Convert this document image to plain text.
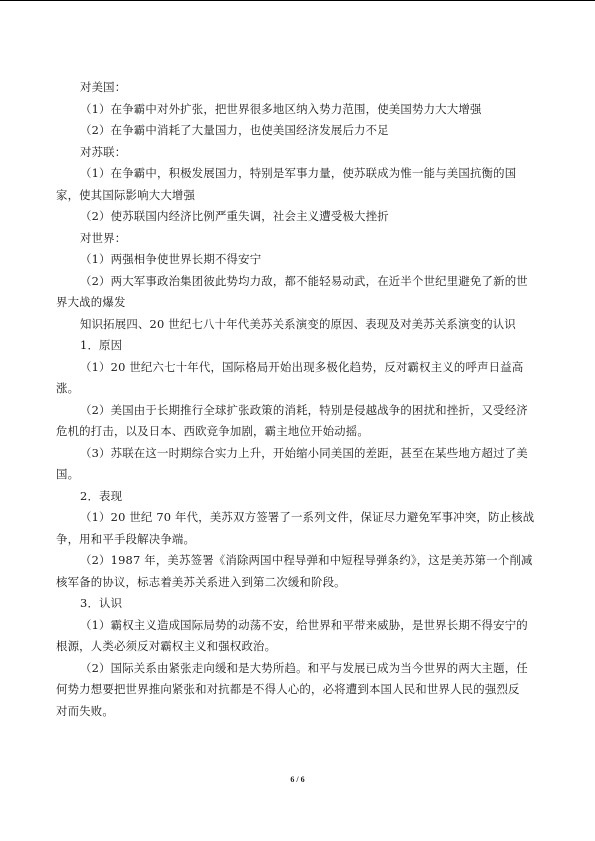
对美国：
（1）在争霸中对外扩张，把世界很多地区纳入势力范围，使美国势力大大增强
（2）在争霸中消耗了大量国力，也使美国经济发展后力不足
对苏联：
（1）在争霸中，积极发展国力，特别是军事力量，使苏联成为惟一能与美国抗衡的国
家，使其国际影响大大增强
（2）使苏联国内经济比例严重失调，社会主义遭受极大挫折
对世界：
（1）两强相争使世界长期不得安宁
（2）两大军事政治集团彼此势均力敌，都不能轻易动武，在近半个世纪里避免了新的世
界大战的爆发
知识拓展四、20 世纪七八十年代美苏关系演变的原因、表现及对美苏关系演变的认识
1．原因
（1）20 世纪六七十年代，国际格局开始出现多极化趋势，反对霸权主义的呼声日益高
涨。
（2）美国由于长期推行全球扩张政策的消耗，特别是侵越战争的困扰和挫折，又受经济
危机的打击，以及日本、西欧竞争加剧，霸主地位开始动摇。
（3）苏联在这一时期综合实力上升，开始缩小同美国的差距，甚至在某些地方超过了美
国。
2．表现
（1）20 世纪 70 年代，美苏双方签署了一系列文件，保证尽力避免军事冲突，防止核战
争，用和平手段解决争端。
（2）1987 年，美苏签署《消除两国中程导弹和中短程导弹条约》，这是美苏第一个削减
核军备的协议，标志着美苏关系进入到第二次缓和阶段。
3．认识
（1）霸权主义造成国际局势的动荡不安，给世界和平带来威胁，是世界长期不得安宁的
根源，人类必须反对霸权主义和强权政治。
（2）国际关系由紧张走向缓和是大势所趋。和平与发展已成为当今世界的两大主题，任
何势力想要把世界推向紧张和对抗都是不得人心的，必将遭到本国人民和世界人民的强烈反
对而失败。
6 / 6
